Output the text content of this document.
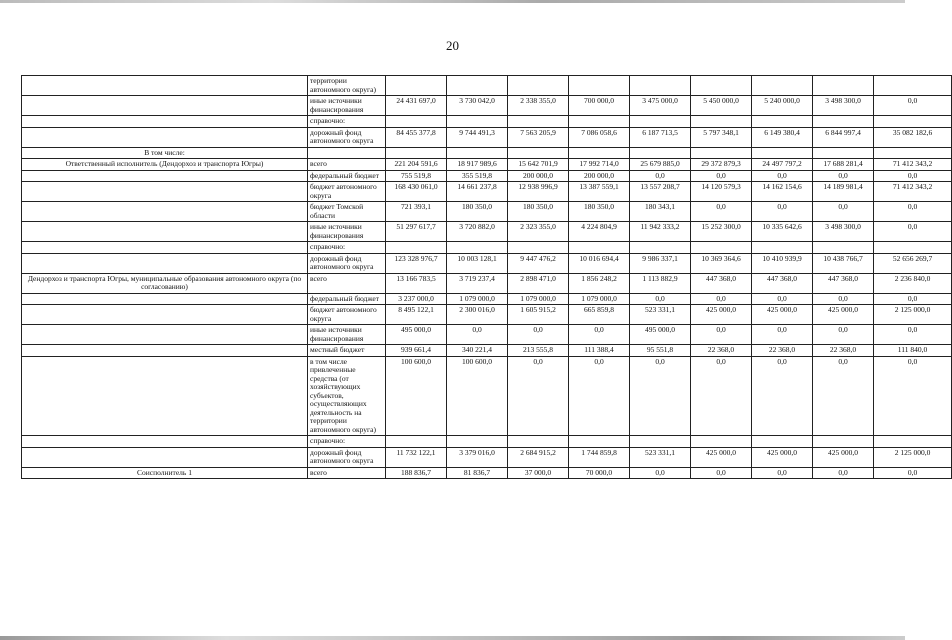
20
	территории автономного округа)									
	иные источники финансирования	24 431 697,0	3 730 042,0	2 338 355,0	700 000,0	3 475 000,0	5 450 000,0	5 240 000,0	3 498 300,0	0,0
	справочно:									
	дорожный фонд автономного округа	84 455 377,8	9 744 491,3	7 563 205,9	7 086 058,6	6 187 713,5	5 797 348,1	6 149 380,4	6 844 997,4	35 082 182,6
В том числе:										
Ответственный исполнитель (Дендорхоз и транспорта Югры)	всего	221 204 591,6	18 917 989,6	15 642 701,9	17 992 714,0	25 679 885,0	29 372 879,3	24 497 797,2	17 688 281,4	71 412 343,2
	федеральный бюджет	755 519,8	355 519,8	200 000,0	200 000,0	0,0	0,0	0,0	0,0	0,0
	бюджет автономного округа	168 430 061,0	14 661 237,8	12 938 996,9	13 387 559,1	13 557 208,7	14 120 579,3	14 162 154,6	14 189 981,4	71 412 343,2
	бюджет Томской области	721 393,1	180 350,0	180 350,0	180 350,0	180 343,1	0,0	0,0	0,0	0,0
	иные источники финансирования	51 297 617,7	3 720 882,0	2 323 355,0	4 224 804,9	11 942 333,2	15 252 300,0	10 335 642,6	3 498 300,0	0,0
	справочно:									
	дорожный фонд автономного округа	123 328 976,7	10 003 128,1	9 447 476,2	10 016 694,4	9 986 337,1	10 369 364,6	10 410 939,9	10 438 766,7	52 656 269,7
Дендорхоз и транспорта Югры, муниципальные образования автономного округа (по согласованию)	всего	13 166 783,5	3 719 237,4	2 898 471,0	1 856 248,2	1 113 882,9	447 368,0	447 368,0	447 368,0	2 236 840,0
	федеральный бюджет	3 237 000,0	1 079 000,0	1 079 000,0	1 079 000,0	0,0	0,0	0,0	0,0	0,0
	бюджет автономного округа	8 495 122,1	2 300 016,0	1 605 915,2	665 859,8	523 331,1	425 000,0	425 000,0	425 000,0	2 125 000,0
	иные источники финансирования	495 000,0	0,0	0,0	0,0	495 000,0	0,0	0,0	0,0	0,0
	местный бюджет	939 661,4	340 221,4	213 555,8	111 388,4	95 551,8	22 368,0	22 368,0	22 368,0	111 840,0
	в том числе привлеченные средства (от хозяйствующих субъектов, осуществляющих деятельность на территории автономного округа)	100 600,0	100 600,0	0,0	0,0	0,0	0,0	0,0	0,0	0,0
	справочно:									
	дорожный фонд автономного округа	11 732 122,1	3 379 016,0	2 684 915,2	1 744 859,8	523 331,1	425 000,0	425 000,0	425 000,0	2 125 000,0
Соисполнитель 1	всего	188 836,7	81 836,7	37 000,0	70 000,0	0,0	0,0	0,0	0,0	0,0
